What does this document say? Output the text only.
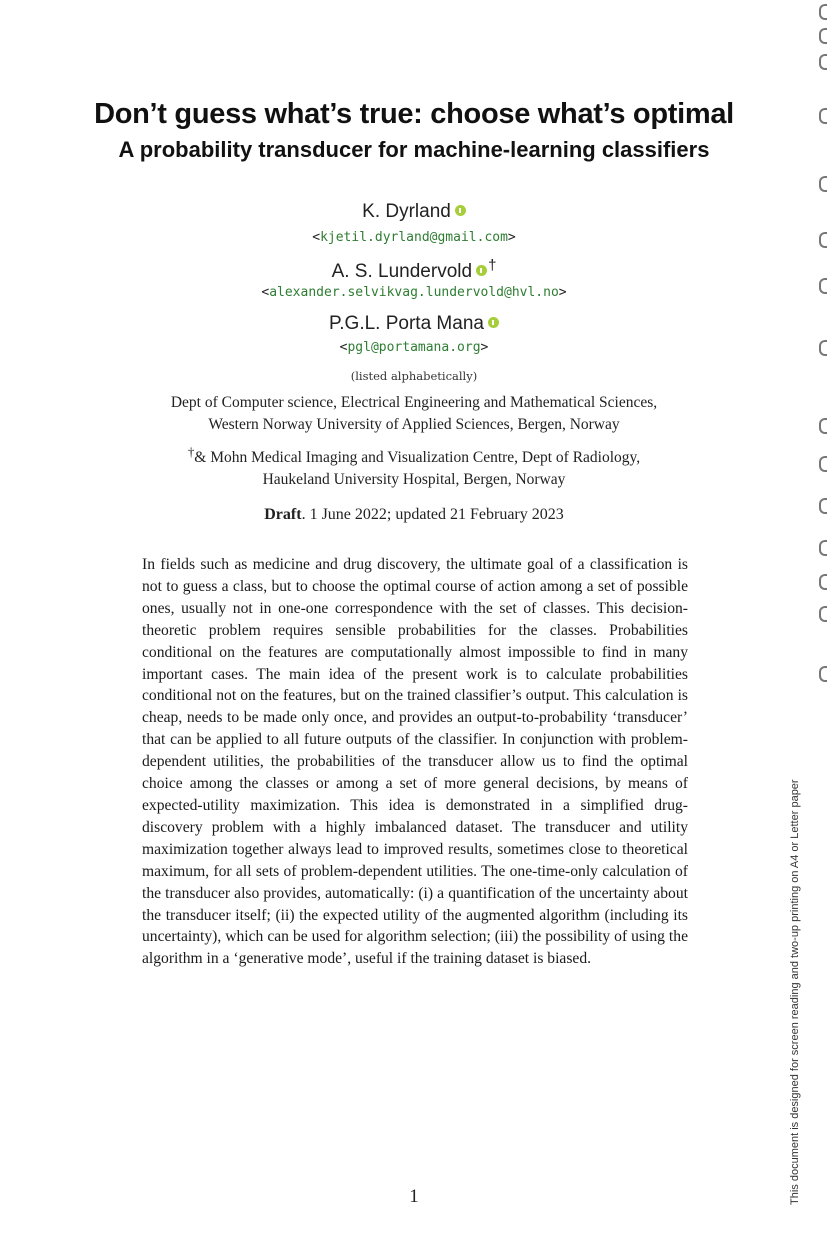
Don’t guess what’s true: choose what’s optimal
A probability transducer for machine-learning classifiers
K. Dyrland
<kjetil.dyrland@gmail.com>
A. S. Lundervold †
<alexander.selvikvag.lundervold@hvl.no>
P.G.L. Porta Mana
<pgl@portamana.org>
(listed alphabetically)
Dept of Computer science, Electrical Engineering and Mathematical Sciences,
Western Norway University of Applied Sciences, Bergen, Norway
†& Mohn Medical Imaging and Visualization Centre, Dept of Radiology,
Haukeland University Hospital, Bergen, Norway
Draft. 1 June 2022; updated 21 February 2023

In fields such as medicine and drug discovery, the ultimate goal of a classification is not to guess a class, but to choose the optimal course of action among a set of possible ones, usually not in one-one correspondence with the set of classes. This decision-theoretic problem requires sensible probabilities for the classes. Probabilities conditional on the features are computationally almost impossible to find in many important cases. The main idea of the present work is to calculate probabilities conditional not on the features, but on the trained classifier’s output. This calculation is cheap, needs to be made only once, and provides an output-to-probability ‘transducer’ that can be applied to all future outputs of the classifier. In conjunction with problem-dependent utilities, the probabilities of the transducer allow us to find the optimal choice among the classes or among a set of more general decisions, by means of expected-utility maximization. This idea is demonstrated in a simplified drug-discovery problem with a highly imbalanced dataset. The transducer and utility maximization together always lead to improved results, sometimes close to theoretical maximum, for all sets of problem-dependent utilities. The one-time-only calculation of the transducer also provides, automatically: (i) a quantification of the uncertainty about the transducer itself; (ii) the expected utility of the augmented algorithm (including its uncertainty), which can be used for algorithm selection; (iii) the possibility of using the algorithm in a ‘generative mode’, useful if the training dataset is biased.

1	This document is designed for screen reading and two-up printing on A4 or Letter paper
